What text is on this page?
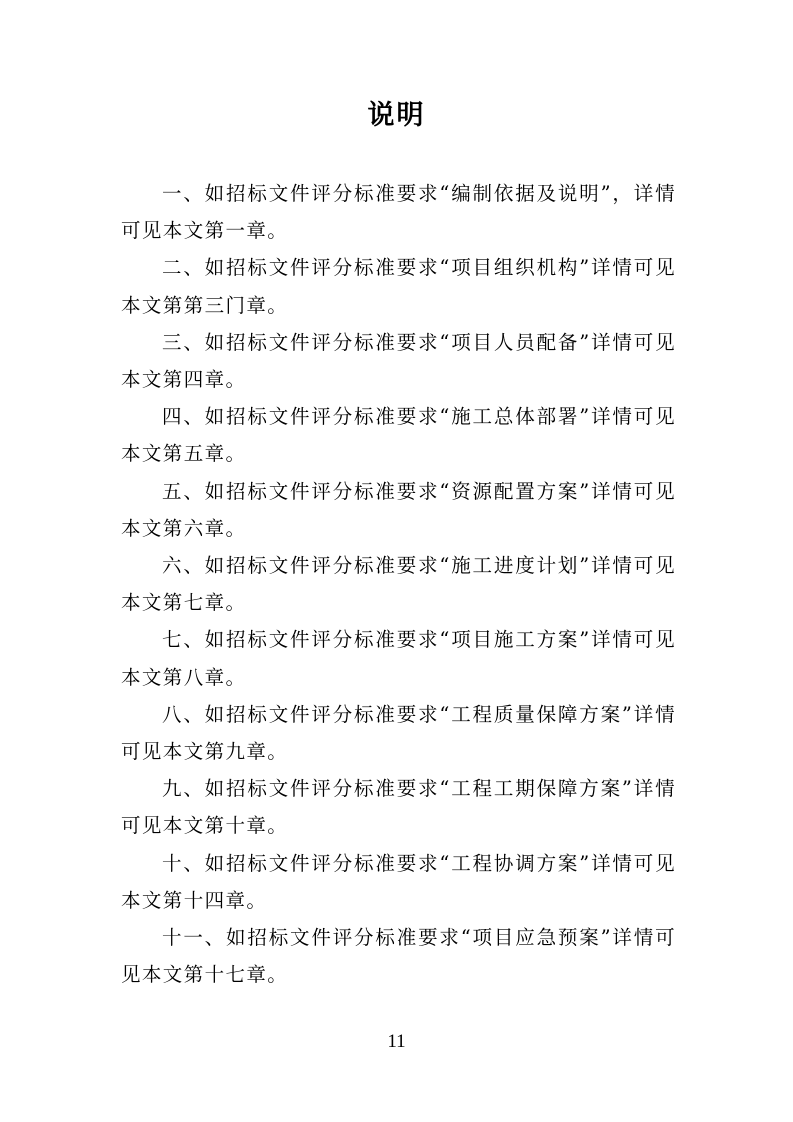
说明

一、如招标文件评分标准要求“编制依据及说明”，详情可见本文第一章。

二、如招标文件评分标准要求“项目组织机构”详情可见本文第第三门章。

三、如招标文件评分标准要求“项目人员配备”详情可见本文第四章。

四、如招标文件评分标准要求“施工总体部署”详情可见本文第五章。

五、如招标文件评分标准要求“资源配置方案”详情可见本文第六章。

六、如招标文件评分标准要求“施工进度计划”详情可见本文第七章。

七、如招标文件评分标准要求“项目施工方案”详情可见本文第八章。

八、如招标文件评分标准要求“工程质量保障方案”详情可见本文第九章。

九、如招标文件评分标准要求“工程工期保障方案”详情可见本文第十章。

十、如招标文件评分标准要求“工程协调方案”详情可见本文第十四章。

十一、如招标文件评分标准要求“项目应急预案”详情可见本文第十七章。

11
